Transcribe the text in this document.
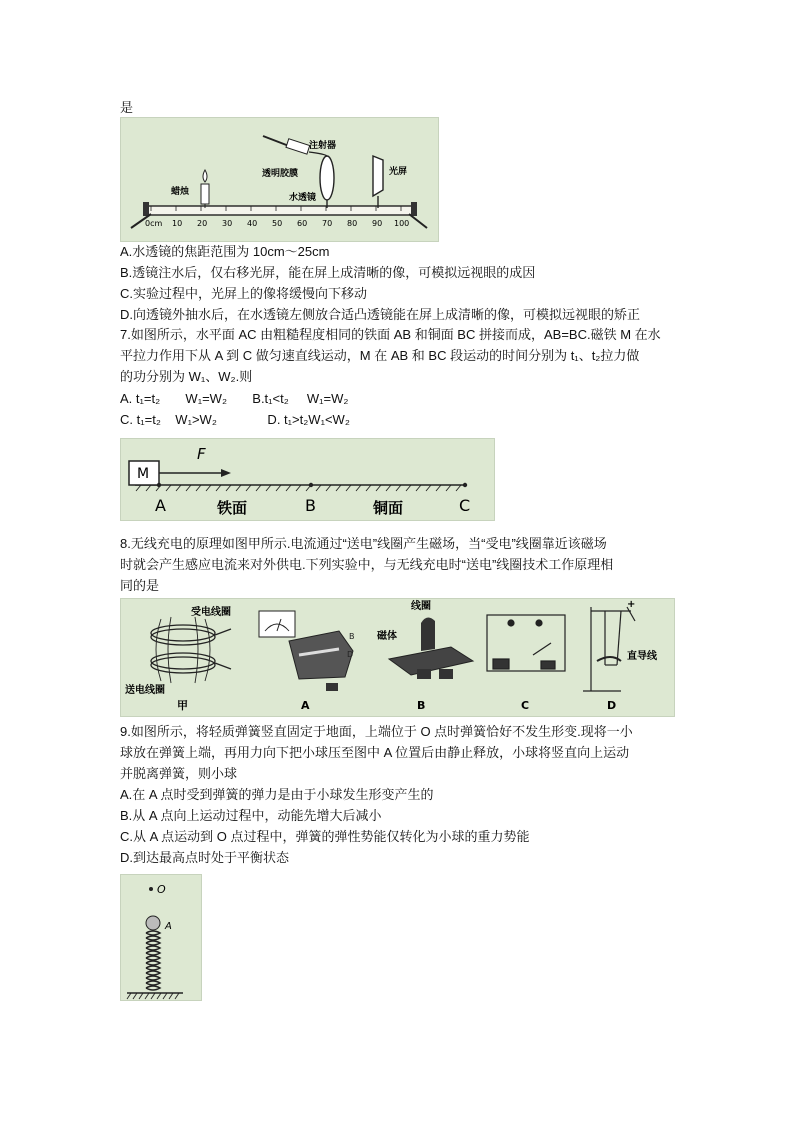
是
0cm 10 20 30 40 50 60 70 80 90 100
蜡烛
水透镜
透明胶膜
注射器
光屏
A.水透镜的焦距范围为 10cm～25cm
B.透镜注水后，仅右移光屏，能在屏上成清晰的像，可模拟远视眼的成因
C.实验过程中，光屏上的像将缓慢向下移动
D.向透镜外抽水后，在水透镜左侧放合适凸透镜能在屏上成清晰的像，可模拟远视眼的矫正
7.如图所示，水平面 AC 由粗糙程度相同的铁面 AB 和铜面 BC 拼接而成，AB=BC.磁铁 M 在水
平拉力作用下从 A 到 C 做匀速直线运动，M 在 AB 和 BC 段运动的时间分别为 t₁、t₂拉力做
的功分别为 W₁、W₂.则
A. t₁=t₂       W₁=W₂       B.t₁<t₂     W₁=W₂
C. t₁=t₂    W₁>W₂              D. t₁>t₂W₁<W₂
M
F
A	B	C
铁面	铜面
8.无线充电的原理如图甲所示.电流通过“送电”线圈产生磁场，当“受电”线圈靠近该磁场
时就会产生感应电流来对外供电.下列实验中，与无线充电时“送电”线圈技术工作原理相
同的是
受电线圈
送电线圈
甲
B
D
A
线圈
磁体
B	C
+
直导线
D
9.如图所示，将轻质弹簧竖直固定于地面，上端位于 O 点时弹簧恰好不发生形变.现将一小
球放在弹簧上端，再用力向下把小球压至图中 A 位置后由静止释放，小球将竖直向上运动
并脱离弹簧，则小球
A.在 A 点时受到弹簧的弹力是由于小球发生形变产生的
B.从 A 点向上运动过程中，动能先增大后减小
C.从 A 点运动到 O 点过程中，弹簧的弹性势能仅转化为小球的重力势能
D.到达最高点时处于平衡状态
O
A
